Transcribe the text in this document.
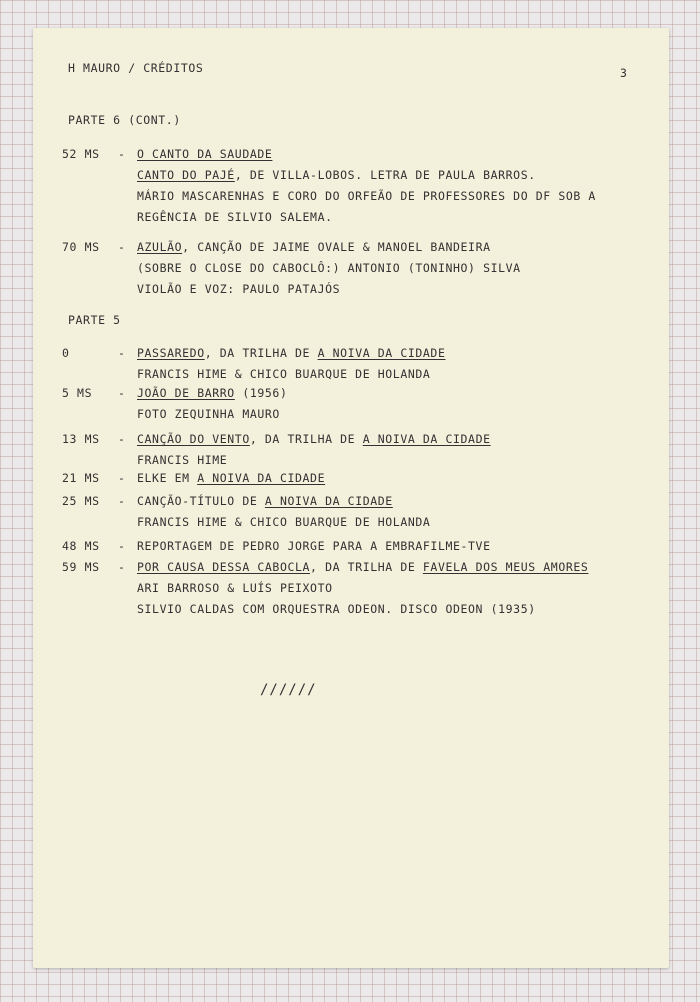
H MAURO / CRÉDITOS	3
PARTE 6 (CONT.)
PARTE 5
52 MS - O CANTO DA SAUDADE
CANTO DO PAJÉ, DE VILLA-LOBOS. LETRA DE PAULA BARROS.
MÁRIO MASCARENHAS E CORO DO ORFEÃO DE PROFESSORES DO DF SOB A
REGÊNCIA DE SILVIO SALEMA.
70 MS - AZULÃO, CANÇÃO DE JAIME OVALE & MANOEL BANDEIRA
(SOBRE O CLOSE DO CABOCLÔ:) ANTONIO (TONINHO) SILVA
VIOLÃO E VOZ: PAULO PATAJÓS
0	- PASSAREDO, DA TRILHA DE A NOIVA DA CIDADE
FRANCIS HIME & CHICO BUARQUE DE HOLANDA
5 MS - JOÃO DE BARRO (1956)
FOTO ZEQUINHA MAURO
13 MS - CANÇÃO DO VENTO, DA TRILHA DE A NOIVA DA CIDADE
FRANCIS HIME
21 MS - ELKE EM A NOIVA DA CIDADE
25 MS - CANÇÃO-TÍTULO DE A NOIVA DA CIDADE
FRANCIS HIME & CHICO BUARQUE DE HOLANDA
48 MS - REPORTAGEM DE PEDRO JORGE PARA A EMBRAFILME-TVE
59 MS - POR CAUSA DESSA CABOCLA, DA TRILHA DE FAVELA DOS MEUS AMORES
ARI BARROSO & LUÍS PEIXOTO
SILVIO CALDAS COM ORQUESTRA ODEON. DISCO ODEON (1935)
//////
